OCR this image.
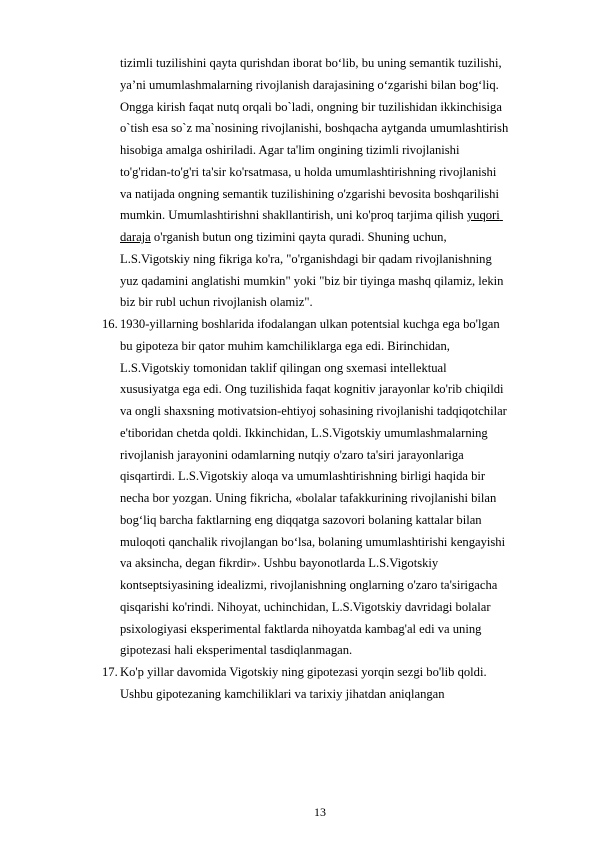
tizimli tuzilishini qayta qurishdan iborat bo‘lib, bu uning semantik tuzilishi,
ya’ni umumlashmalarning rivojlanish darajasining o‘zgarishi bilan bog‘liq.
Ongga kirish faqat nutq orqali bo`ladi, ongning bir tuzilishidan ikkinchisiga
o`tish esa so`z ma`nosining rivojlanishi, boshqacha aytganda umumlashtirish
hisobiga amalga oshiriladi. Agar ta'lim ongining tizimli rivojlanishi
to'g'ridan-to'g'ri ta'sir ko'rsatmasa, u holda umumlashtirishning rivojlanishi
va natijada ongning semantik tuzilishining o'zgarishi bevosita boshqarilishi
mumkin. Umumlashtirishni shakllantirish, uni ko'proq tarjima qilish yuqori
daraja o'rganish butun ong tizimini qayta quradi. Shuning uchun,
L.S.Vigotskiy ning fikriga ko'ra, "o'rganishdagi bir qadam rivojlanishning
yuz qadamini anglatishi mumkin" yoki "biz bir tiyinga mashq qilamiz, lekin
biz bir rubl uchun rivojlanish olamiz".
16. 1930-yillarning boshlarida ifodalangan ulkan potentsial kuchga ega bo'lgan
bu gipoteza bir qator muhim kamchiliklarga ega edi. Birinchidan,
L.S.Vigotskiy tomonidan taklif qilingan ong sxemasi intellektual
xususiyatga ega edi. Ong tuzilishida faqat kognitiv jarayonlar ko'rib chiqildi
va ongli shaxsning motivatsion-ehtiyoj sohasining rivojlanishi tadqiqotchilar
e'tiboridan chetda qoldi. Ikkinchidan, L.S.Vigotskiy umumlashmalarning
rivojlanish jarayonini odamlarning nutqiy o'zaro ta'siri jarayonlariga
qisqartirdi. L.S.Vigotskiy aloqa va umumlashtirishning birligi haqida bir
necha bor yozgan. Uning fikricha, «bolalar tafakkurining rivojlanishi bilan
bog‘liq barcha faktlarning eng diqqatga sazovori bolaning kattalar bilan
muloqoti qanchalik rivojlangan bo‘lsa, bolaning umumlashtirishi kengayishi
va aksincha, degan fikrdir». Ushbu bayonotlarda L.S.Vigotskiy
kontseptsiyasining idealizmi, rivojlanishning onglarning o'zaro ta'sirigacha
qisqarishi ko'rindi. Nihoyat, uchinchidan, L.S.Vigotskiy davridagi bolalar
psixologiyasi eksperimental faktlarda nihoyatda kambag'al edi va uning
gipotezasi hali eksperimental tasdiqlanmagan.
17. Ko'p yillar davomida Vigotskiy ning gipotezasi yorqin sezgi bo'lib qoldi.
Ushbu gipotezaning kamchiliklari va tarixiy jihatdan aniqlangan
13
